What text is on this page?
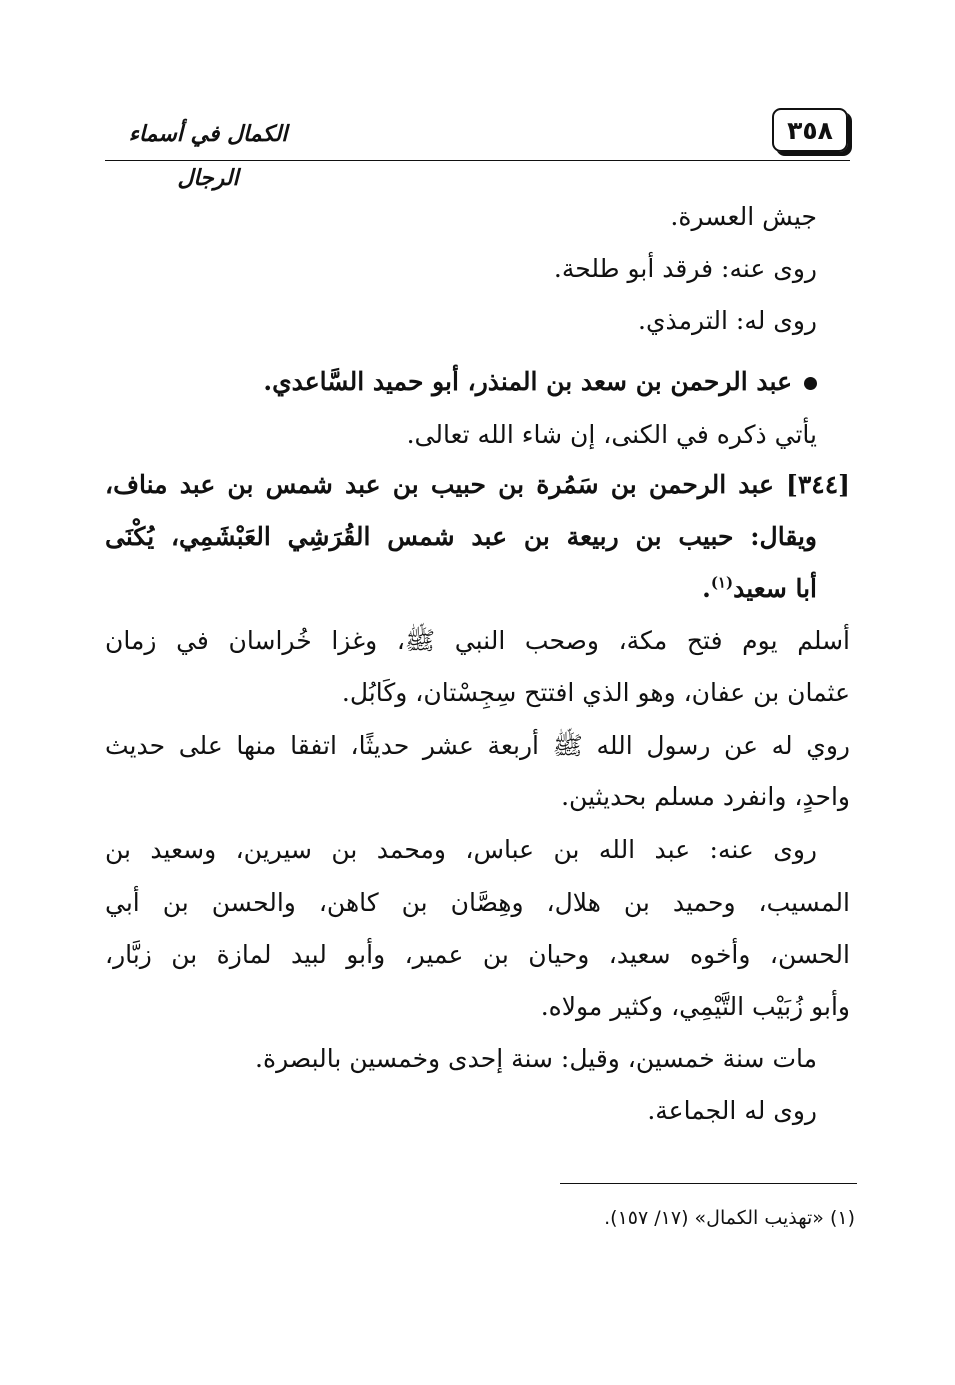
٣٥٨
الكمال في أسماء الرجال
جيش العسرة.
روى عنه: فرقد أبو طلحة.
روى له: الترمذي.
عبد الرحمن بن سعد بن المنذر، أبو حميد السَّاعدي.
يأتي ذكره في الكنى، إن شاء الله تعالى.
[٣٤٤] عبد الرحمن بن سَمُرة بن حبيب بن عبد شمس بن عبد مناف،
ويقال: حبيب بن ربيعة بن عبد شمس القُرَشِي العَبْشَمِي، يُكْنَى
أبا سعيد$^{(١)}$.
أسلم يوم فتح مكة، وصحب النبي ﷺ، وغزا خُراسان في زمان
عثمان بن عفان، وهو الذي افتتح سِجِسْتان، وكَابُل.
روي له عن رسول الله ﷺ أربعة عشر حديثًا، اتفقا منها على حديث
واحدٍ، وانفرد مسلم بحديثين.
روى عنه: عبد الله بن عباس، ومحمد بن سيرين، وسعيد بن
المسيب، وحميد بن هلال، وهِصَّان بن كاهن، والحسن بن أبي
الحسن، وأخوه سعيد، وحيان بن عمير، وأبو لبيد لمازة بن زبَّار،
وأبو زُبَيْب التَّيْمِي، وكثير مولاه.
مات سنة خمسين، وقيل: سنة إحدى وخمسين بالبصرة.
روى له الجماعة.
(١) «تهذيب الكمال» (١٧/ ١٥٧).
